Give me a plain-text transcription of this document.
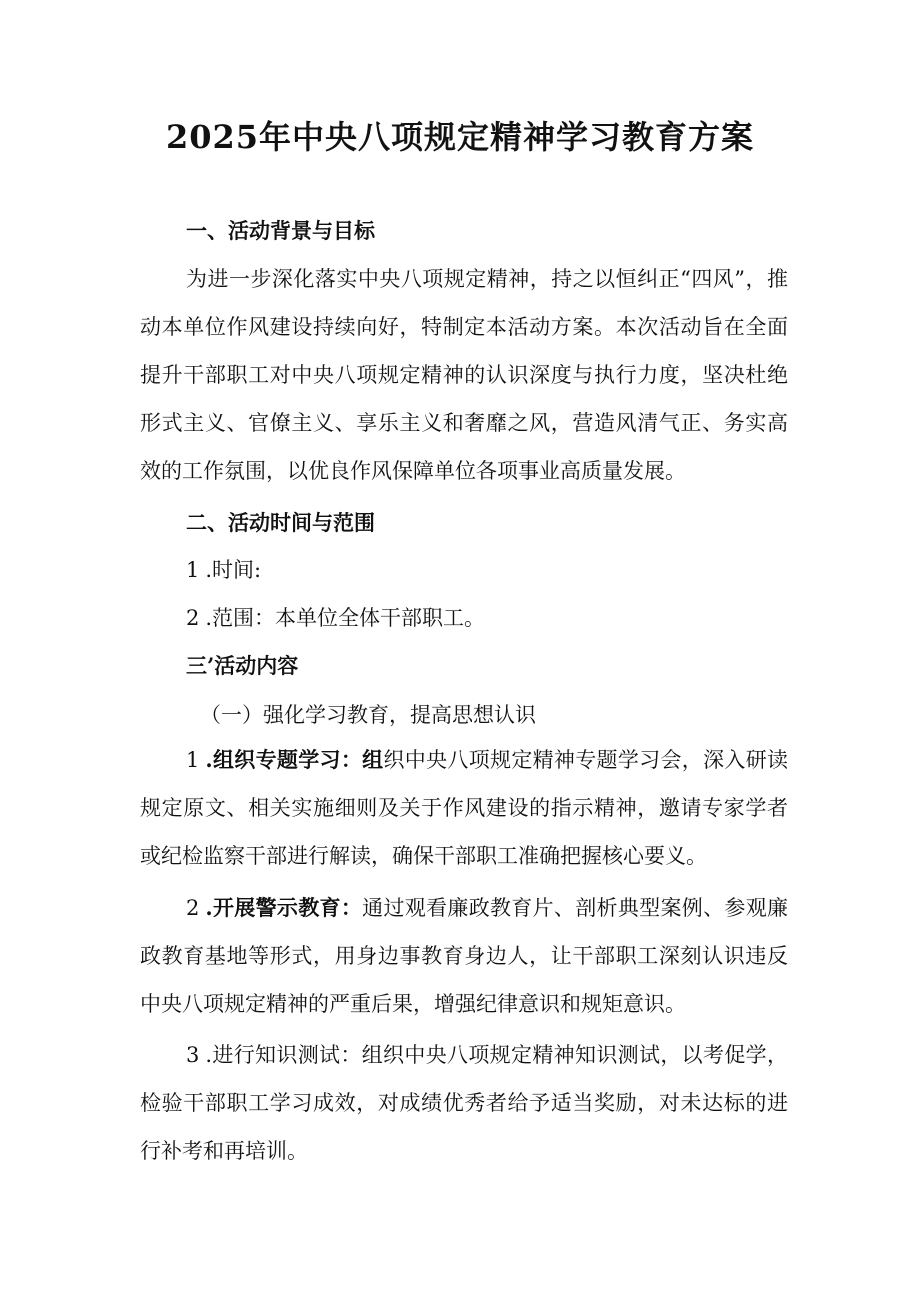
2025年中央八项规定精神学习教育方案

一、活动背景与目标

为进一步深化落实中央八项规定精神，持之以恒纠正“四风”，推动本单位作风建设持续向好，特制定本活动方案。本次活动旨在全面提升干部职工对中央八项规定精神的认识深度与执行力度，坚决杜绝形式主义、官僚主义、享乐主义和奢靡之风，营造风清气正、务实高效的工作氛围，以优良作风保障单位各项事业高质量发展。

二、活动时间与范围

1 .时间:

2 .范围：本单位全体干部职工。

三’活动内容

（一）强化学习教育，提高思想认识

1 .组织专题学习：组织中央八项规定精神专题学习会，深入研读规定原文、相关实施细则及关于作风建设的指示精神，邀请专家学者或纪检监察干部进行解读，确保干部职工准确把握核心要义。

2 .开展警示教育：通过观看廉政教育片、剖析典型案例、参观廉政教育基地等形式，用身边事教育身边人，让干部职工深刻认识违反中央八项规定精神的严重后果，增强纪律意识和规矩意识。

3 .进行知识测试：组织中央八项规定精神知识测试，以考促学，检验干部职工学习成效，对成绩优秀者给予适当奖励，对未达标的进行补考和再培训。
